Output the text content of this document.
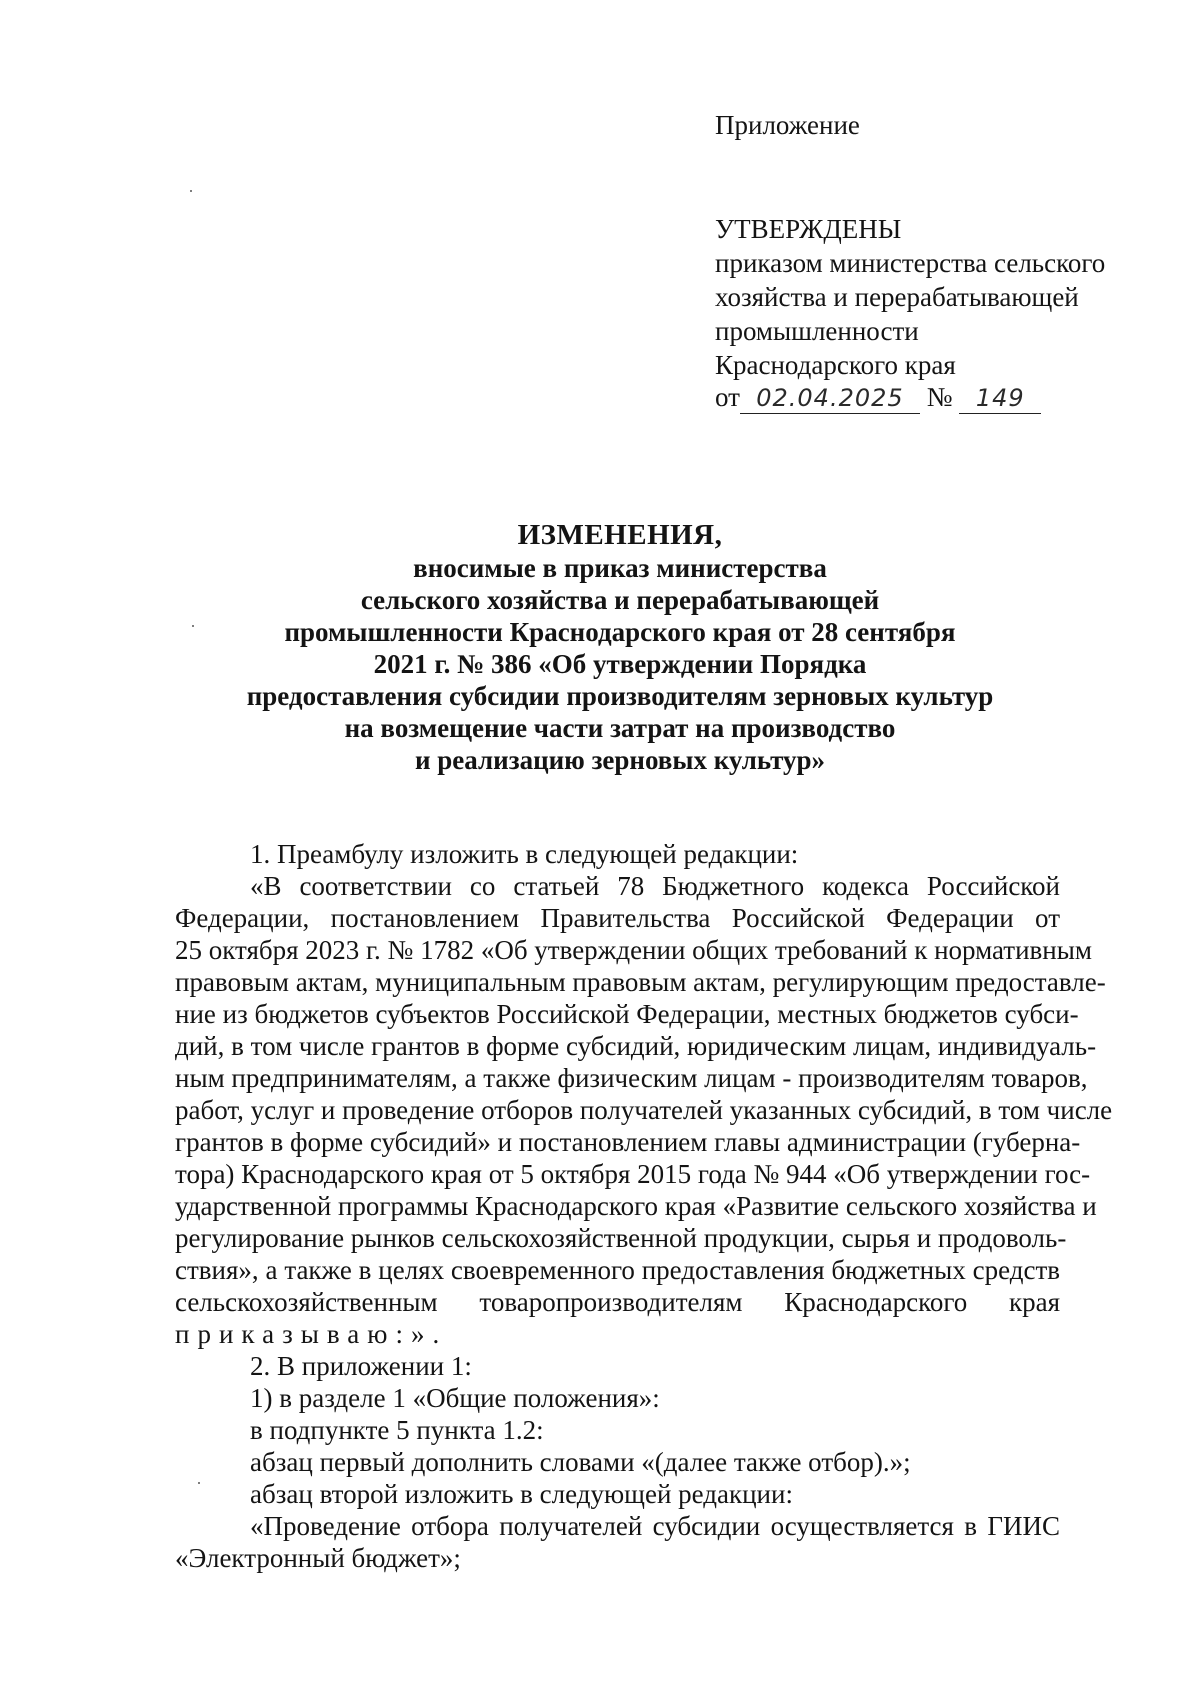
Приложение
УТВЕРЖДЕНЫ
приказом министерства сельского
хозяйства и перерабатывающей
промышленности
Краснодарского края
от 02.04.2025 № 149
ИЗМЕНЕНИЯ,
вносимые в приказ министерства
сельского хозяйства и перерабатывающей
промышленности Краснодарского края от 28 сентября
2021 г. № 386 «Об утверждении Порядка
предоставления субсидии производителям зерновых культур
на возмещение части затрат на производство
и реализацию зерновых культур»
1. Преамбулу изложить в следующей редакции:
«В соответствии со статьей 78 Бюджетного кодекса Российской
Федерации, постановлением Правительства Российской Федерации от
25 октября 2023 г. № 1782 «Об утверждении общих требований к нормативным
правовым актам, муниципальным правовым актам, регулирующим предоставле-
ние из бюджетов субъектов Российской Федерации, местных бюджетов субси-
дий, в том числе грантов в форме субсидий, юридическим лицам, индивидуаль-
ным предпринимателям, а также физическим лицам - производителям товаров,
работ, услуг и проведение отборов получателей указанных субсидий, в том числе
грантов в форме субсидий» и постановлением главы администрации (губерна-
тора) Краснодарского края от 5 октября 2015 года № 944 «Об утверждении гос-
ударственной программы Краснодарского края «Развитие сельского хозяйства и
регулирование рынков сельскохозяйственной продукции, сырья и продоволь-
ствия», а также в целях своевременного предоставления бюджетных средств
сельскохозяйственным товаропроизводителям Краснодарского края
приказываю:».
2. В приложении 1:
1) в разделе 1 «Общие положения»:
в подпункте 5 пункта 1.2:
абзац первый дополнить словами «(далее также отбор).»;
абзац второй изложить в следующей редакции:
«Проведение отбора получателей субсидии осуществляется в ГИИС
«Электронный бюджет»;
